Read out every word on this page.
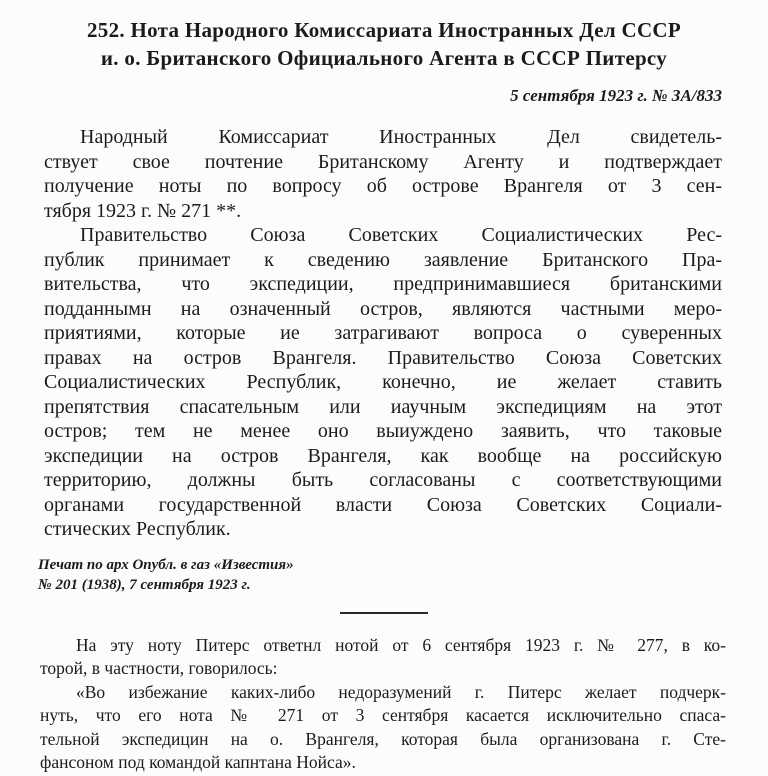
252. Нота Народного Комиссариата Иностранных Дел СССР
и. о. Британского Официального Агента в СССР Питерсу
5 сентября 1923 г. № ЗА/833
Народный Комиссариат Иностранных Дел свидетель-
ствует свое почтение Британскому Агенту и подтверждает
получение ноты по вопросу об острове Врангеля от 3 сен-
тября 1923 г. № 271 **.
Правительство Союза Советских Социалистических Рес-
публик принимает к сведению заявление Британского Пра-
вительства, что экспедиции, предпринимавшиеся британскими
подданнымн на означенный остров, являются частными меро-
приятиями, которые ие затрагивают вопроса о суверенных
правах на остров Врангеля. Правительство Союза Советских
Социалистических Республик, конечно, ие желает ставить
препятствия спасательным или иаучным экспедициям на этот
остров; тем не менее оно выиуждено заявить, что таковые
экспедиции на остров Врангеля, как вообще на российскую
территорию, должны быть согласованы с соответствующими
органами государственной власти Союза Советских Социали-
стических Республик.
Печат по арх Опубл. в газ «Известия»
№ 201 (1938), 7 сентября 1923 г.
На эту ноту Питерс ответнл нотой от 6 сентября 1923 г. № 277, в ко-
торой, в частности, говорилось:
«Во избежание каких-либо недоразумений г. Питерс желает подчерк-
нуть, что его нота № 271 от 3 сентября касается исключительно спаса-
тельной экспедицин на о. Врангеля, которая была организована г. Сте-
фансоном под командой капнтана Нойса».
